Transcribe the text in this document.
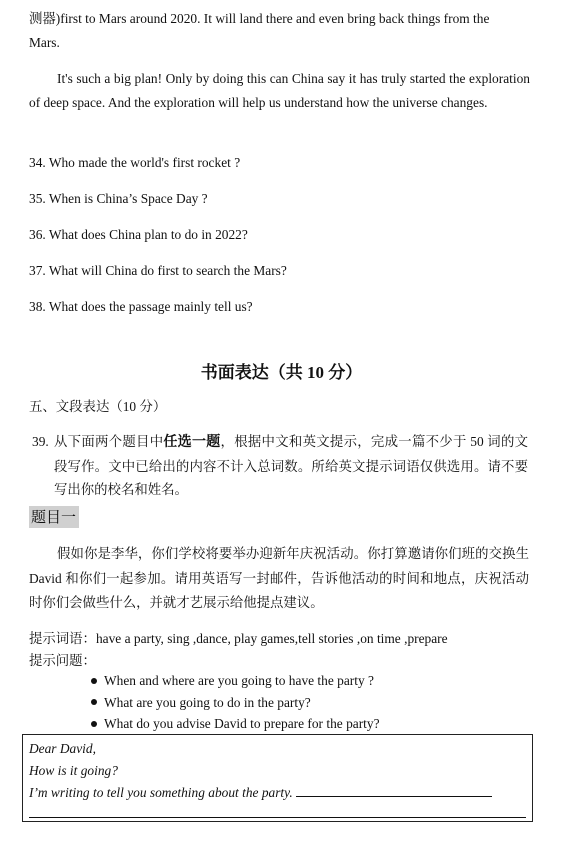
测器)first to Mars around 2020. It will land there and even bring back things from the
Mars.
It's such a big plan! Only by doing this can China say it has truly started the exploration of deep space. And the exploration will help us understand how the universe changes.
34. Who made the world's first rocket ?
35. When is China’s Space Day ?
36. What does China plan to do in 2022?
37. What will China do first to search the Mars?
38. What does the passage mainly tell us?
书面表达（共 10 分）
五、文段表达（10 分）
39. 从下面两个题目中任选一题，根据中文和英文提示，完成一篇不少于 50 词的文段写作。文中已给出的内容不计入总词数。所给英文提示词语仅供选用。请不要写出你的校名和姓名。
题目一
假如你是李华，你们学校将要举办迎新年庆祝活动。你打算邀请你们班的交换生 David 和你们一起参加。请用英语写一封邮件，告诉他活动的时间和地点，庆祝活动时你们会做些什么，并就才艺展示给他提点建议。
提示词语：have a party, sing ,dance, play games,tell stories ,on time ,prepare
提示问题：
When and where are you going to have the party ?
What are you going to do in the party?
What do you advise David to prepare for the party?
Dear David,
How is it going?
I’m writing to tell you something about the party.
